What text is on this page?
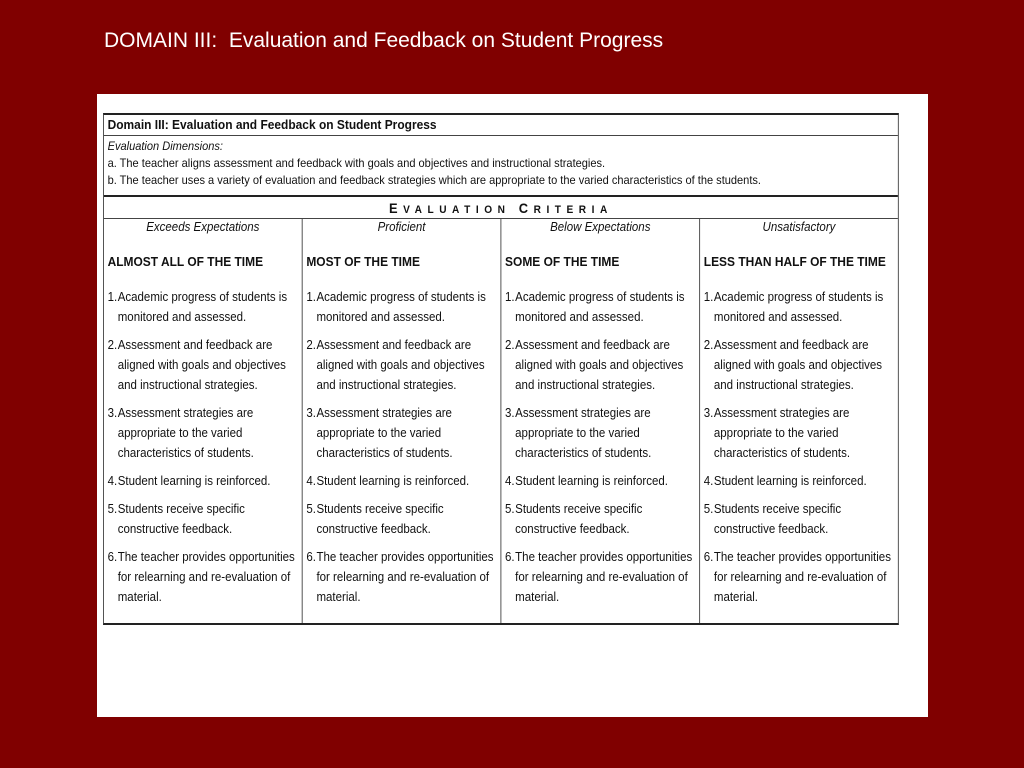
DOMAIN III:  Evaluation and Feedback on Student Progress
Domain III: Evaluation and Feedback on Student Progress
Evaluation Dimensions:
a. The teacher aligns assessment and feedback with goals and objectives and instructional strategies.
b. The teacher uses a variety of evaluation and feedback strategies which are appropriate to the varied characteristics of the students.
EVALUATION CRITERIA
Exceeds Expectations
ALMOST ALL OF THE TIME
1. Academic progress of students is monitored and assessed.
2. Assessment and feedback are aligned with goals and objectives and instructional strategies.
3. Assessment strategies are appropriate to the varied characteristics of students.
4. Student learning is reinforced.
5. Students receive specific constructive feedback.
6. The teacher provides opportunities for relearning and re-evaluation of material.
Proficient
MOST OF THE TIME
1. Academic progress of students is monitored and assessed.
2. Assessment and feedback are aligned with goals and objectives and instructional strategies.
3. Assessment strategies are appropriate to the varied characteristics of students.
4. Student learning is reinforced.
5. Students receive specific constructive feedback.
6. The teacher provides opportunities for relearning and re-evaluation of material.
Below Expectations
SOME OF THE TIME
1. Academic progress of students is monitored and assessed.
2. Assessment and feedback are aligned with goals and objectives and instructional strategies.
3. Assessment strategies are appropriate to the varied characteristics of students.
4. Student learning is reinforced.
5. Students receive specific constructive feedback.
6. The teacher provides opportunities for relearning and re-evaluation of material.
Unsatisfactory
LESS THAN HALF OF THE TIME
1. Academic progress of students is monitored and assessed.
2. Assessment and feedback are aligned with goals and objectives and instructional strategies.
3. Assessment strategies are appropriate to the varied characteristics of students.
4. Student learning is reinforced.
5. Students receive specific constructive feedback.
6. The teacher provides opportunities for relearning and re-evaluation of material.
